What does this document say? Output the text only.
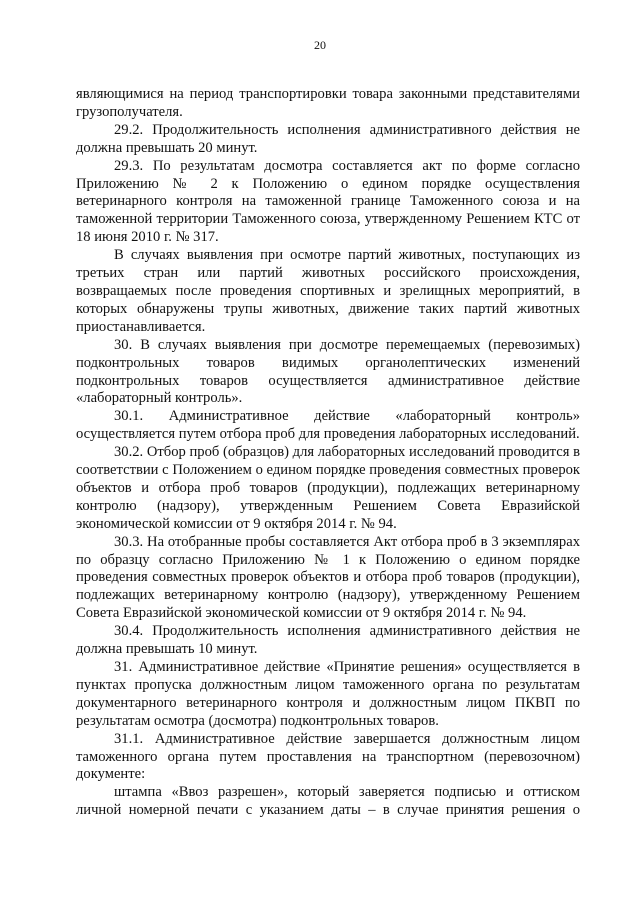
20

являющимися на период транспортировки товара законными представителями грузополучателя.

29.2. Продолжительность исполнения административного действия не должна превышать 20 минут.

29.3. По результатам досмотра составляется акт по форме согласно Приложению № 2 к Положению о едином порядке осуществления ветеринарного контроля на таможенной границе Таможенного союза и на таможенной территории Таможенного союза, утвержденному Решением КТС от 18 июня 2010 г. № 317.

В случаях выявления при осмотре партий животных, поступающих из третьих стран или партий животных российского происхождения, возвращаемых после проведения спортивных и зрелищных мероприятий, в которых обнаружены трупы животных, движение таких партий животных приостанавливается.

30. В случаях выявления при досмотре перемещаемых (перевозимых) подконтрольных товаров видимых органолептических изменений подконтрольных товаров осуществляется административное действие «лабораторный контроль».

30.1. Административное действие «лабораторный контроль» осуществляется путем отбора проб для проведения лабораторных исследований.

30.2. Отбор проб (образцов) для лабораторных исследований проводится в соответствии с Положением о едином порядке проведения совместных проверок объектов и отбора проб товаров (продукции), подлежащих ветеринарному контролю (надзору), утвержденным Решением Совета Евразийской экономической комиссии от 9 октября 2014 г. № 94.

30.3. На отобранные пробы составляется Акт отбора проб в 3 экземплярах по образцу согласно Приложению № 1 к Положению о едином порядке проведения совместных проверок объектов и отбора проб товаров (продукции), подлежащих ветеринарному контролю (надзору), утвержденному Решением Совета Евразийской экономической комиссии от 9 октября 2014 г. № 94.

30.4. Продолжительность исполнения административного действия не должна превышать 10 минут.

31. Административное действие «Принятие решения» осуществляется в пунктах пропуска должностным лицом таможенного органа по результатам документарного ветеринарного контроля и должностным лицом ПКВП по результатам осмотра (досмотра) подконтрольных товаров.

31.1. Административное действие завершается должностным лицом таможенного органа путем проставления на транспортном (перевозочном) документе:

штампа «Ввоз разрешен», который заверяется подписью и оттиском личной номерной печати с указанием даты – в случае принятия решения о
